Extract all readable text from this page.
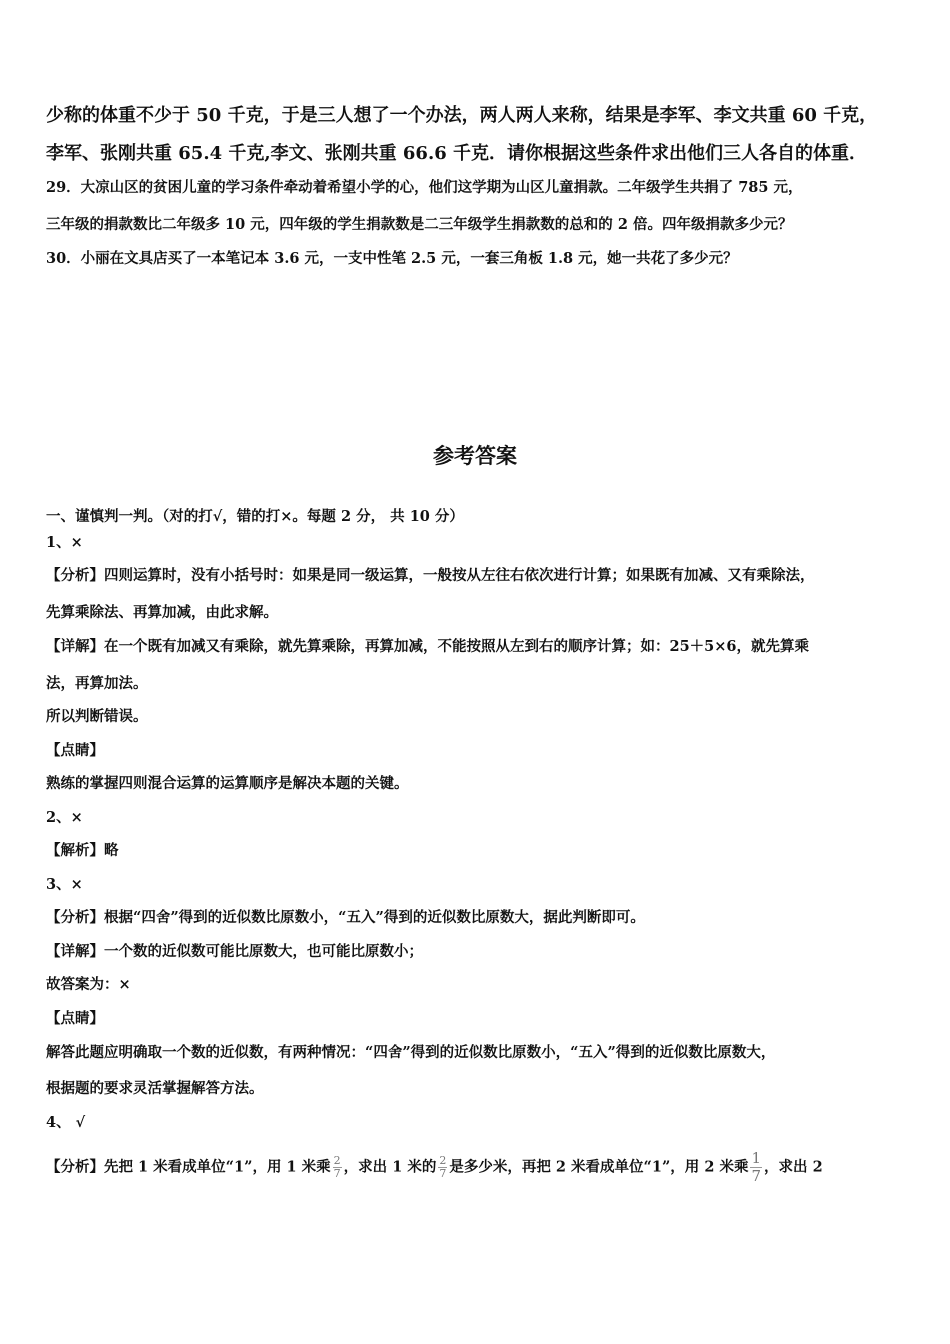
少称的体重不少于 50 千克，于是三人想了一个办法，两人两人来称，结果是李军、李文共重 60 千克，
李军、张刚共重 65.4 千克,李文、张刚共重 66.6 千克．请你根据这些条件求出他们三人各自的体重．
29．大凉山区的贫困儿童的学习条件牵动着希望小学的心，他们这学期为山区儿童捐款。二年级学生共捐了 785 元，
三年级的捐款数比二年级多 10 元，四年级的学生捐款数是二三年级学生捐款数的总和的 2 倍。四年级捐款多少元？
30．小丽在文具店买了一本笔记本 3.6 元，一支中性笔 2.5 元，一套三角板 1.8 元，她一共花了多少元？
参考答案
一、谨慎判一判。（对的打√，错的打×。每题 2 分， 共 10 分）
1、×
【分析】四则运算时，没有小括号时：如果是同一级运算，一般按从左往右依次进行计算；如果既有加减、又有乘除法，
先算乘除法、再算加减，由此求解。
【详解】在一个既有加减又有乘除，就先算乘除，再算加减，不能按照从左到右的顺序计算；如：25＋5×6，就先算乘
法，再算加法。
所以判断错误。
【点睛】
熟练的掌握四则混合运算的运算顺序是解决本题的关键。
2、×
【解析】略
3、×
【分析】根据“四舍”得到的近似数比原数小，“五入”得到的近似数比原数大，据此判断即可。
【详解】一个数的近似数可能比原数大，也可能比原数小；
故答案为：×
【点睛】
解答此题应明确取一个数的近似数，有两种情况：“四舍”得到的近似数比原数小，“五入”得到的近似数比原数大，
根据题的要求灵活掌握解答方法。
4、 √
【分析】先把 1 米看成单位“1”，用 1 米乘 $\frac{2}{7}$ ，求出 1 米的 $\frac{2}{7}$ 是多少米，再把 2 米看成单位“1”，用 2 米乘 $\frac{1}{7}$ ，求出 2
